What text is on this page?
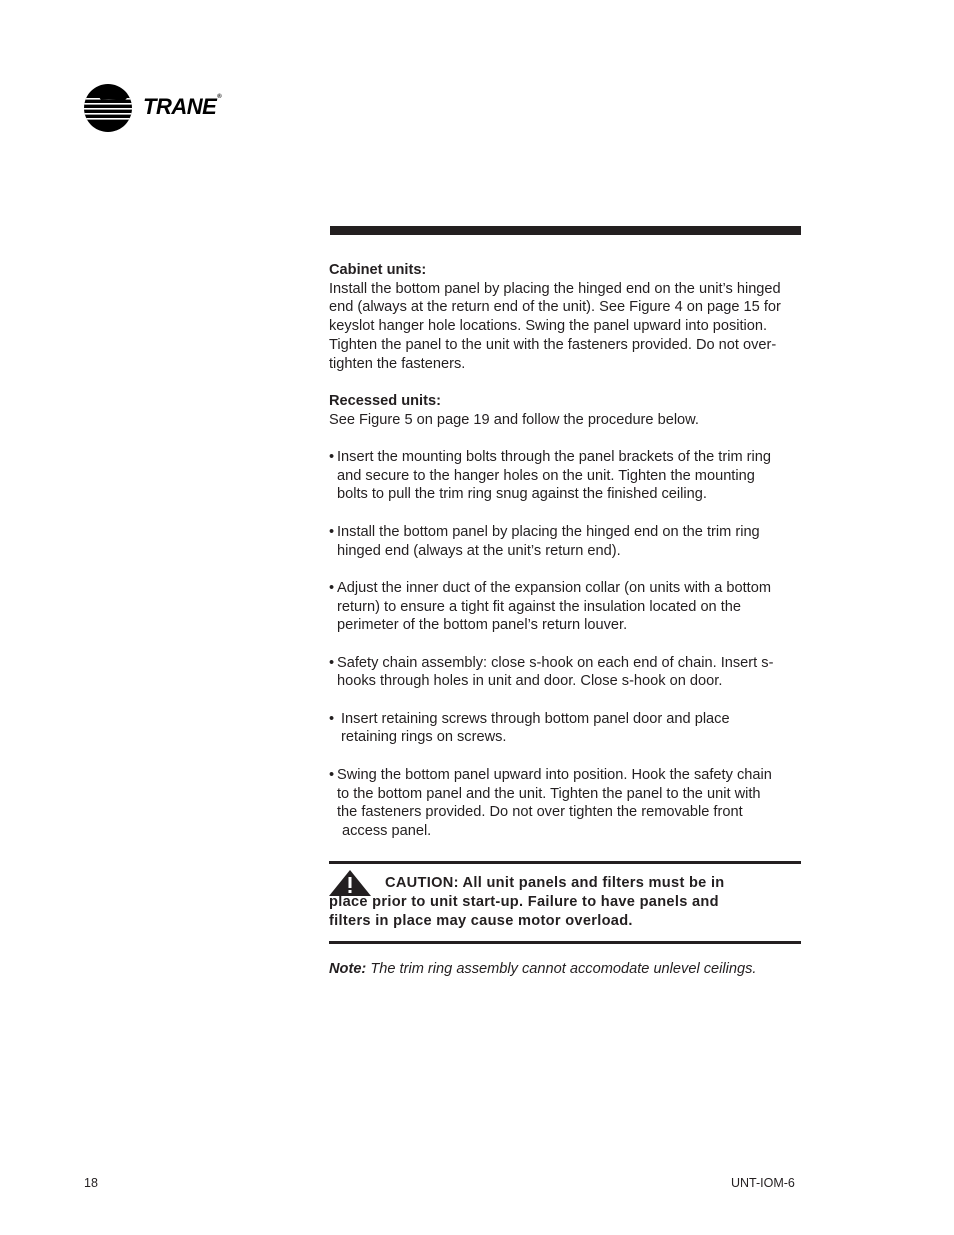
TRANE®

Cabinet units:

Install the bottom panel by placing the hinged end on the unit’s hinged

end (always at the return end of the unit). See Figure 4 on page 15 for

keyslot hanger hole locations. Swing the panel upward into position.

Tighten the panel to the unit with the fasteners provided. Do not over-

tighten the fasteners.

Recessed units:

See Figure 5 on page 19 and follow the procedure below.

• Insert the mounting bolts through the panel brackets of the trim ring

and secure to the hanger holes on the unit. Tighten the mounting

bolts to pull the trim ring snug against the finished ceiling.

• Install the bottom panel by placing the hinged end on the trim ring

hinged end (always at the unit’s return end).

• Adjust the inner duct of the expansion collar (on units with a bottom

return) to ensure a tight fit against the insulation located on the

perimeter of the bottom panel’s return louver.

• Safety chain assembly: close s-hook on each end of chain. Insert s-

hooks through holes in unit and door. Close s-hook on door.

• Insert retaining screws through bottom panel door and place

retaining rings on screws.

• Swing the bottom panel upward into position. Hook the safety chain

to the bottom panel and the unit. Tighten the panel to the unit with

the fasteners provided. Do not over tighten the removable front

access panel.

CAUTION: All unit panels and filters must be in

place prior to unit start-up. Failure to have panels and

filters in place may cause motor overload.

Note: The trim ring assembly cannot accomodate unlevel ceilings.
18	UNT-IOM-6
